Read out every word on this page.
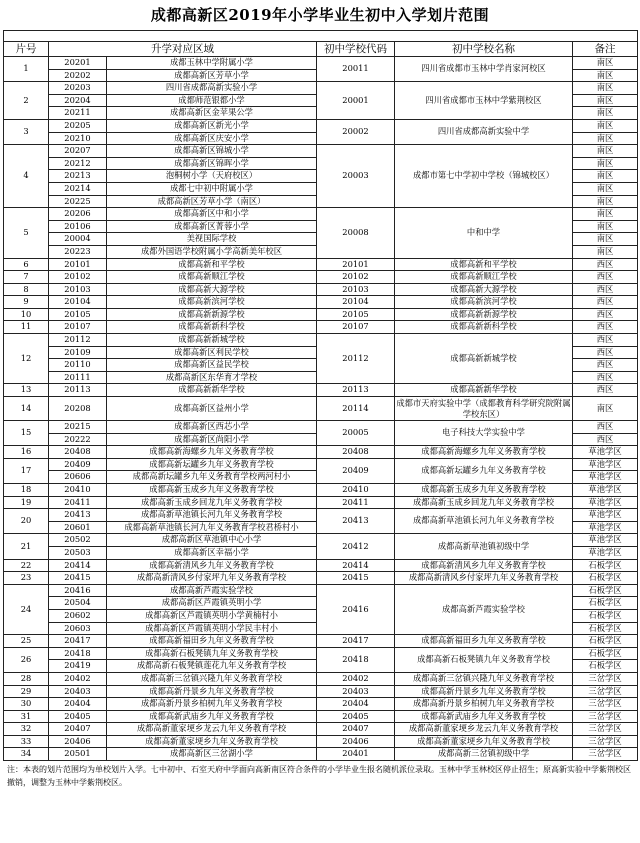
成都高新区2019年小学毕业生初中入学划片范围

片号	升学对应区域		初中学校代码	初中学校名称	备注
1	20201	成都玉林中学附属小学	20011	四川省成都市玉林中学肖家河校区	南区
	20202	成都高新区芳草小学			南区
2	20203	四川省成都高新实验小学	20001	四川省成都市玉林中学紫荆校区	南区
	20204	成都师范银都小学			南区
	20211	成都高新区金苹果公学			南区
3	20205	成都高新区新光小学	20002	四川省成都高新实验中学	南区
	20210	成都高新区庆安小学			南区
4	20207	成都高新区锦城小学	20003	成都市第七中学初中学校（锦城校区）	南区
	20212	成都高新区锦晖小学			南区
	20213	泡桐树小学（天府校区）			南区
	20214	成都七中初中附属小学			南区
	20225	成都高新区芳草小学（南区）			南区
5	20206	成都高新区中和小学	20008	中和中学	南区
	20106	成都高新区菁蓉小学			南区
	20004	美视国际学校			南区
	20223	成都外国语学校附属小学高新美年校区			南区
6	20101	成都高新和平学校	20101	成都高新和平学校	西区
7	20102	成都高新顺江学校	20102	成都高新顺江学校	西区
8	20103	成都高新大源学校	20103	成都高新大源学校	西区
9	20104	成都高新滨河学校	20104	成都高新滨河学校	西区
10	20105	成都高新新源学校	20105	成都高新新源学校	西区
11	20107	成都高新新科学校	20107	成都高新新科学校	西区
12	20112	成都高新新城学校	20112	成都高新新城学校	西区
	20109	成都高新区利民学校			西区
	20110	成都高新区益民学校			西区
	20111	成都高新区东华育才学校			西区
13	20113	成都高新新华学校	20113	成都高新新华学校	西区
14	20208	成都高新区益州小学	20114	成都市天府实验中学（成都教育科学研究院附属学校东区）	南区
15	20215	成都高新区西芯小学	20005	电子科技大学实验中学	西区
	20222	成都高新区尚阳小学			西区
16	20408	成都高新海螺乡九年义务教育学校	20408	成都高新海螺乡九年义务教育学校	草池学区
17	20409	成都高新坛罐乡九年义务教育学校	20409	成都高新坛罐乡九年义务教育学校	草池学区
	20606	成都高新坛罐乡九年义务教育学校两河村小			草池学区
18	20410	成都高新玉成乡九年义务教育学校	20410	成都高新玉成乡九年义务教育学校	草池学区
19	20411	成都高新玉成乡回龙九年义务教育学校	20411	成都高新玉成乡回龙九年义务教育学校	草池学区
20	20413	成都高新草池镇长河九年义务教育学校	20413	成都高新草池镇长河九年义务教育学校	草池学区
	20601	成都高新草池镇长河九年义务教育学校君桥村小			草池学区
21	20502	成都高新区草池镇中心小学	20412	成都高新草池镇初级中学	草池学区
	20503	成都高新区幸福小学			草池学区
22	20414	成都高新清风乡九年义务教育学校	20414	成都高新清风乡九年义务教育学校	石板学区
23	20415	成都高新清风乡付家坪九年义务教育学校	20415	成都高新清风乡付家坪九年义务教育学校	石板学区
24	20416	成都高新芦霞实验学校	20416	成都高新芦霞实验学校	石板学区
	20504	成都高新区芦霞镇英明小学			石板学区
	20602	成都高新区芦霞镇英明小学黄楠村小			石板学区
	20603	成都高新区芦霞镇英明小学民丰村小			石板学区
25	20417	成都高新福田乡九年义务教育学校	20417	成都高新福田乡九年义务教育学校	石板学区
26	20418	成都高新石板凳镇九年义务教育学校	20418	成都高新石板凳镇九年义务教育学校	石板学区
	20419	成都高新石板凳镇莲花九年义务教育学校			石板学区
28	20402	成都高新三岔镇兴隆九年义务教育学校	20402	成都高新三岔镇兴隆九年义务教育学校	三岔学区
29	20403	成都高新丹景乡九年义务教育学校	20403	成都高新丹景乡九年义务教育学校	三岔学区
30	20404	成都高新丹景乡柏树九年义务教育学校	20404	成都高新丹景乡柏树九年义务教育学校	三岔学区
31	20405	成都高新武庙乡九年义务教育学校	20405	成都高新武庙乡九年义务教育学校	三岔学区
32	20407	成都高新董家埂乡龙云九年义务教育学校	20407	成都高新董家埂乡龙云九年义务教育学校	三岔学区
33	20406	成都高新董家埂乡九年义务教育学校	20406	成都高新董家埂乡九年义务教育学校	三岔学区
34	20501	成都高新区三岔湖小学	20401	成都高新三岔镇初级中学	三岔学区
注：本表的划片范围均为单校划片入学。七中初中、石室天府中学面向高新南区符合条件的小学毕业生报名随机派位录取。玉林中学玉林校区停止招生；原高新实验中学紫荆校区撤销，调整为玉林中学紫荆校区。
